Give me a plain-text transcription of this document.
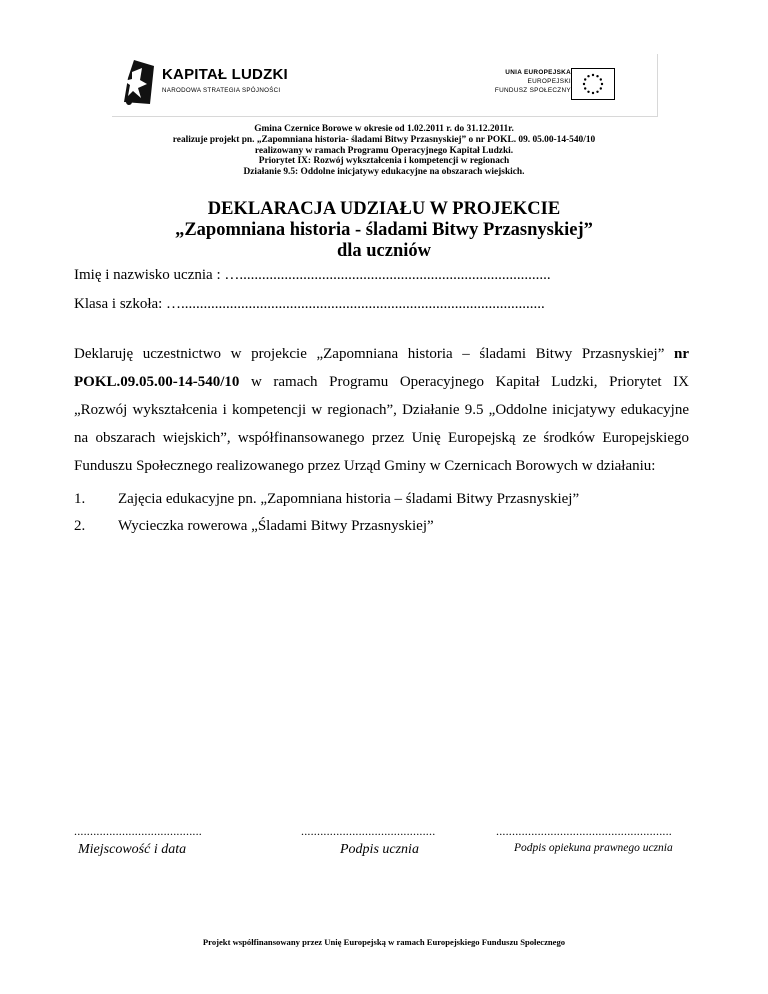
KAPITAŁ LUDZKI
NARODOWA STRATEGIA SPÓJNOŚCI
UNIA EUROPEJSKA
EUROPEJSKI
FUNDUSZ SPOŁECZNY
Gmina Czernice Borowe w okresie od 1.02.2011 r. do 31.12.2011r.
realizuje projekt pn. „Zapomniana historia- śladami Bitwy Przasnyskiej” o nr POKL. 09. 05.00-14-540/10
realizowany w ramach Programu Operacyjnego Kapitał Ludzki.
Priorytet IX: Rozwój wykształcenia i kompetencji w regionach
Działanie 9.5: Oddolne inicjatywy edukacyjne na obszarach wiejskich.
DEKLARACJA UDZIAŁU W PROJEKCIE
„Zapomniana historia - śladami Bitwy Przasnyskiej”
dla uczniów
Imię i nazwisko ucznia : …...................................................................................
Klasa i szkoła: ….................................................................................................
Deklaruję uczestnictwo w projekcie „Zapomniana historia – śladami Bitwy Przasnyskiej” nr
POKL.09.05.00-14-540/10 w ramach Programu Operacyjnego Kapitał Ludzki, Priorytet IX
„Rozwój wykształcenia i kompetencji w regionach”, Działanie 9.5 „Oddolne inicjatywy edukacyjne
na obszarach wiejskich”, współfinansowanego przez Unię Europejską ze środków Europejskiego
Funduszu Społecznego realizowanego przez Urząd Gminy w Czernicach Borowych w działaniu:
1. Zajęcia edukacyjne pn. „Zapomniana historia – śladami Bitwy Przasnyskiej”
2. Wycieczka rowerowa „Śladami Bitwy Przasnyskiej”
........................................
Miejscowość i data
..........................................
Podpis ucznia
.......................................................
Podpis opiekuna prawnego ucznia
Projekt współfinansowany przez Unię Europejską w ramach Europejskiego Funduszu Społecznego
